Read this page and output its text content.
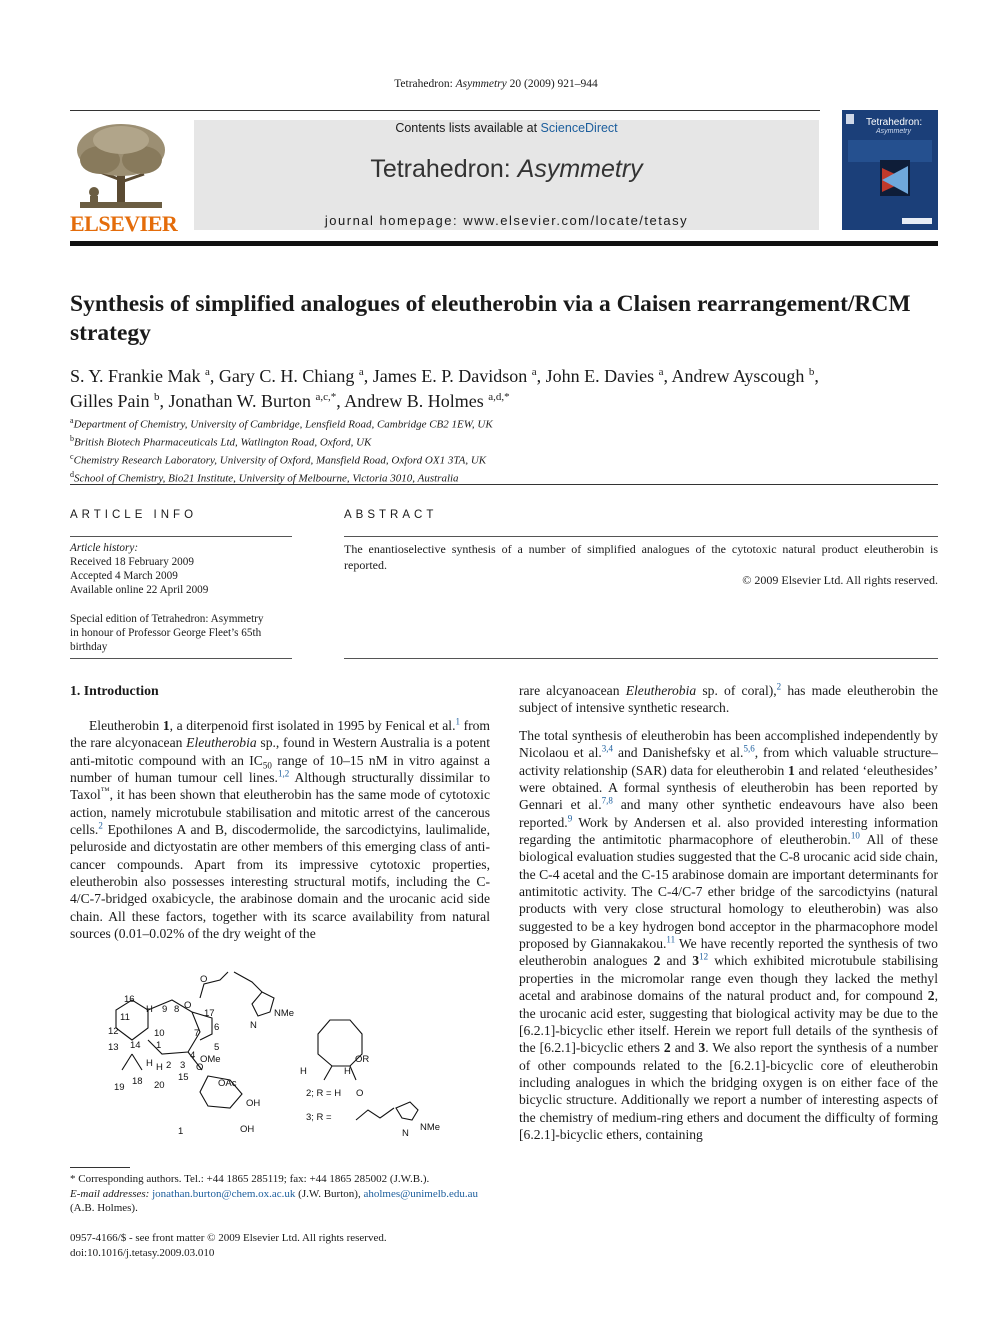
Tetrahedron: Asymmetry 20 (2009) 921–944
ELSEVIER
Contents lists available at ScienceDirect
Tetrahedron: Asymmetry
journal homepage: www.elsevier.com/locate/tetasy
Tetrahedron:
Asymmetry
Synthesis of simplified analogues of eleutherobin via a Claisen rearrangement/RCM strategy
S. Y. Frankie Mak $^a$, Gary C. H. Chiang $^a$, James E. P. Davidson $^a$, John E. Davies $^a$, Andrew Ayscough $^b$,
Gilles Pain $^b$, Jonathan W. Burton $^{a,c,*}$, Andrew B. Holmes $^{a,d,*}$
$^a$Department of Chemistry, University of Cambridge, Lensfield Road, Cambridge CB2 1EW, UK
$^b$British Biotech Pharmaceuticals Ltd, Watlington Road, Oxford, UK
$^c$Chemistry Research Laboratory, University of Oxford, Mansfield Road, Oxford OX1 3TA, UK
$^d$School of Chemistry, Bio21 Institute, University of Melbourne, Victoria 3010, Australia
ARTICLE INFO	ABSTRACT
Article history:
Received 18 February 2009
Accepted 4 March 2009
Available online 22 April 2009
Special edition of Tetrahedron: Asymmetry
in honour of Professor George Fleet’s 65th
birthday
The enantioselective synthesis of a number of simplified analogues of the cytotoxic natural product eleutherobin is reported.
© 2009 Elsevier Ltd. All rights reserved.
1. Introduction
Eleutherobin 1, a diterpenoid first isolated in 1995 by Fenical et al.$^1$ from the rare alcyonacean Eleutherobia sp., found in Western Australia is a potent anti-mitotic compound with an $IC_{50}$ range of 10–15 nM in vitro against a number of human tumour cell lines.$^{1,2}$ Although structurally dissimilar to Taxol™, it has been shown that eleutherobin has the same mode of cytotoxic action, namely microtubule stabilisation and mitotic arrest of the cancerous cells.$^2$ Epothilones A and B, discodermolide, the sarcodictyins, laulimalide, peluroside and dictyostatin are other members of this emerging class of anti-cancer compounds. Apart from its impressive cytotoxic properties, eleutherobin also possesses interesting structural motifs, including the C-4/C-7-bridged oxabicycle, the arabinose domain and the urocanic acid side chain. All these factors, together with its scarce availability from natural sources (0.01–0.02% of the dry weight of the
rare alcyanoacean Eleutherobia sp. of coral),$^2$ has made eleutherobin the subject of intensive synthetic research.
The total synthesis of eleutherobin has been accomplished independently by Nicolaou et al.$^{3,4}$ and Danishefsky et al.$^{5,6}$, from which valuable structure–activity relationship (SAR) data for eleutherobin 1 and related ‘eleuthesides’ were obtained. A formal synthesis of eleutherobin has been reported by Gennari et al.$^{7,8}$ and many other synthetic endeavours have also been reported.$^9$ Work by Andersen et al. also provided interesting information regarding the antimitotic pharmacophore of eleutherobin.$^{10}$ All of these biological evaluation studies suggested that the C-8 urocanic acid side chain, the C-4 acetal and the C-15 arabinose domain are important determinants for antimitotic activity. The C-4/C-7 ether bridge of the sarcodictyins (natural products with very close structural homology to eleutherobin) was also suggested to be a key hydrogen bond acceptor in the pharmacophore model proposed by Giannakakou.$^{11}$ We have recently reported the synthesis of two eleutherobin analogues 2 and $3^{12}$ which exhibited microtubule stabilising properties in the micromolar range even though they lacked the methyl acetal and arabinose domains of the natural product and, for compound 2, the urocanic acid ester, suggesting that biological activity may be due to the [6.2.1]-bicyclic ether itself. Herein we report full details of the synthesis of the [6.2.1]-bicyclic ethers 2 and 3. We also report the synthesis of a number of other compounds related to the [6.2.1]-bicyclic core of eleutherobin including analogues in which the bridging oxygen is on either face of the bicyclic structure. Additionally we report a number of interesting aspects of the chemistry of medium-ring ethers and document the difficulty of forming [6.2.1]-bicyclic ethers, containing
O
O
16
11
12
13
H
H
9 8
10
17
6
7
14 1
4
5
OMe
2 3
H
15
19
18 20
O
OAc
OH
OH
NMe
N
1
OR
H	H
2; R = H
3; R =
O
N
NMe
* Corresponding authors. Tel.: +44 1865 285119; fax: +44 1865 285002 (J.W.B.).
E-mail addresses: jonathan.burton@chem.ox.ac.uk (J.W. Burton), aholmes@unimelb.edu.au (A.B. Holmes).
0957-4166/$ - see front matter © 2009 Elsevier Ltd. All rights reserved.
doi:10.1016/j.tetasy.2009.03.010
